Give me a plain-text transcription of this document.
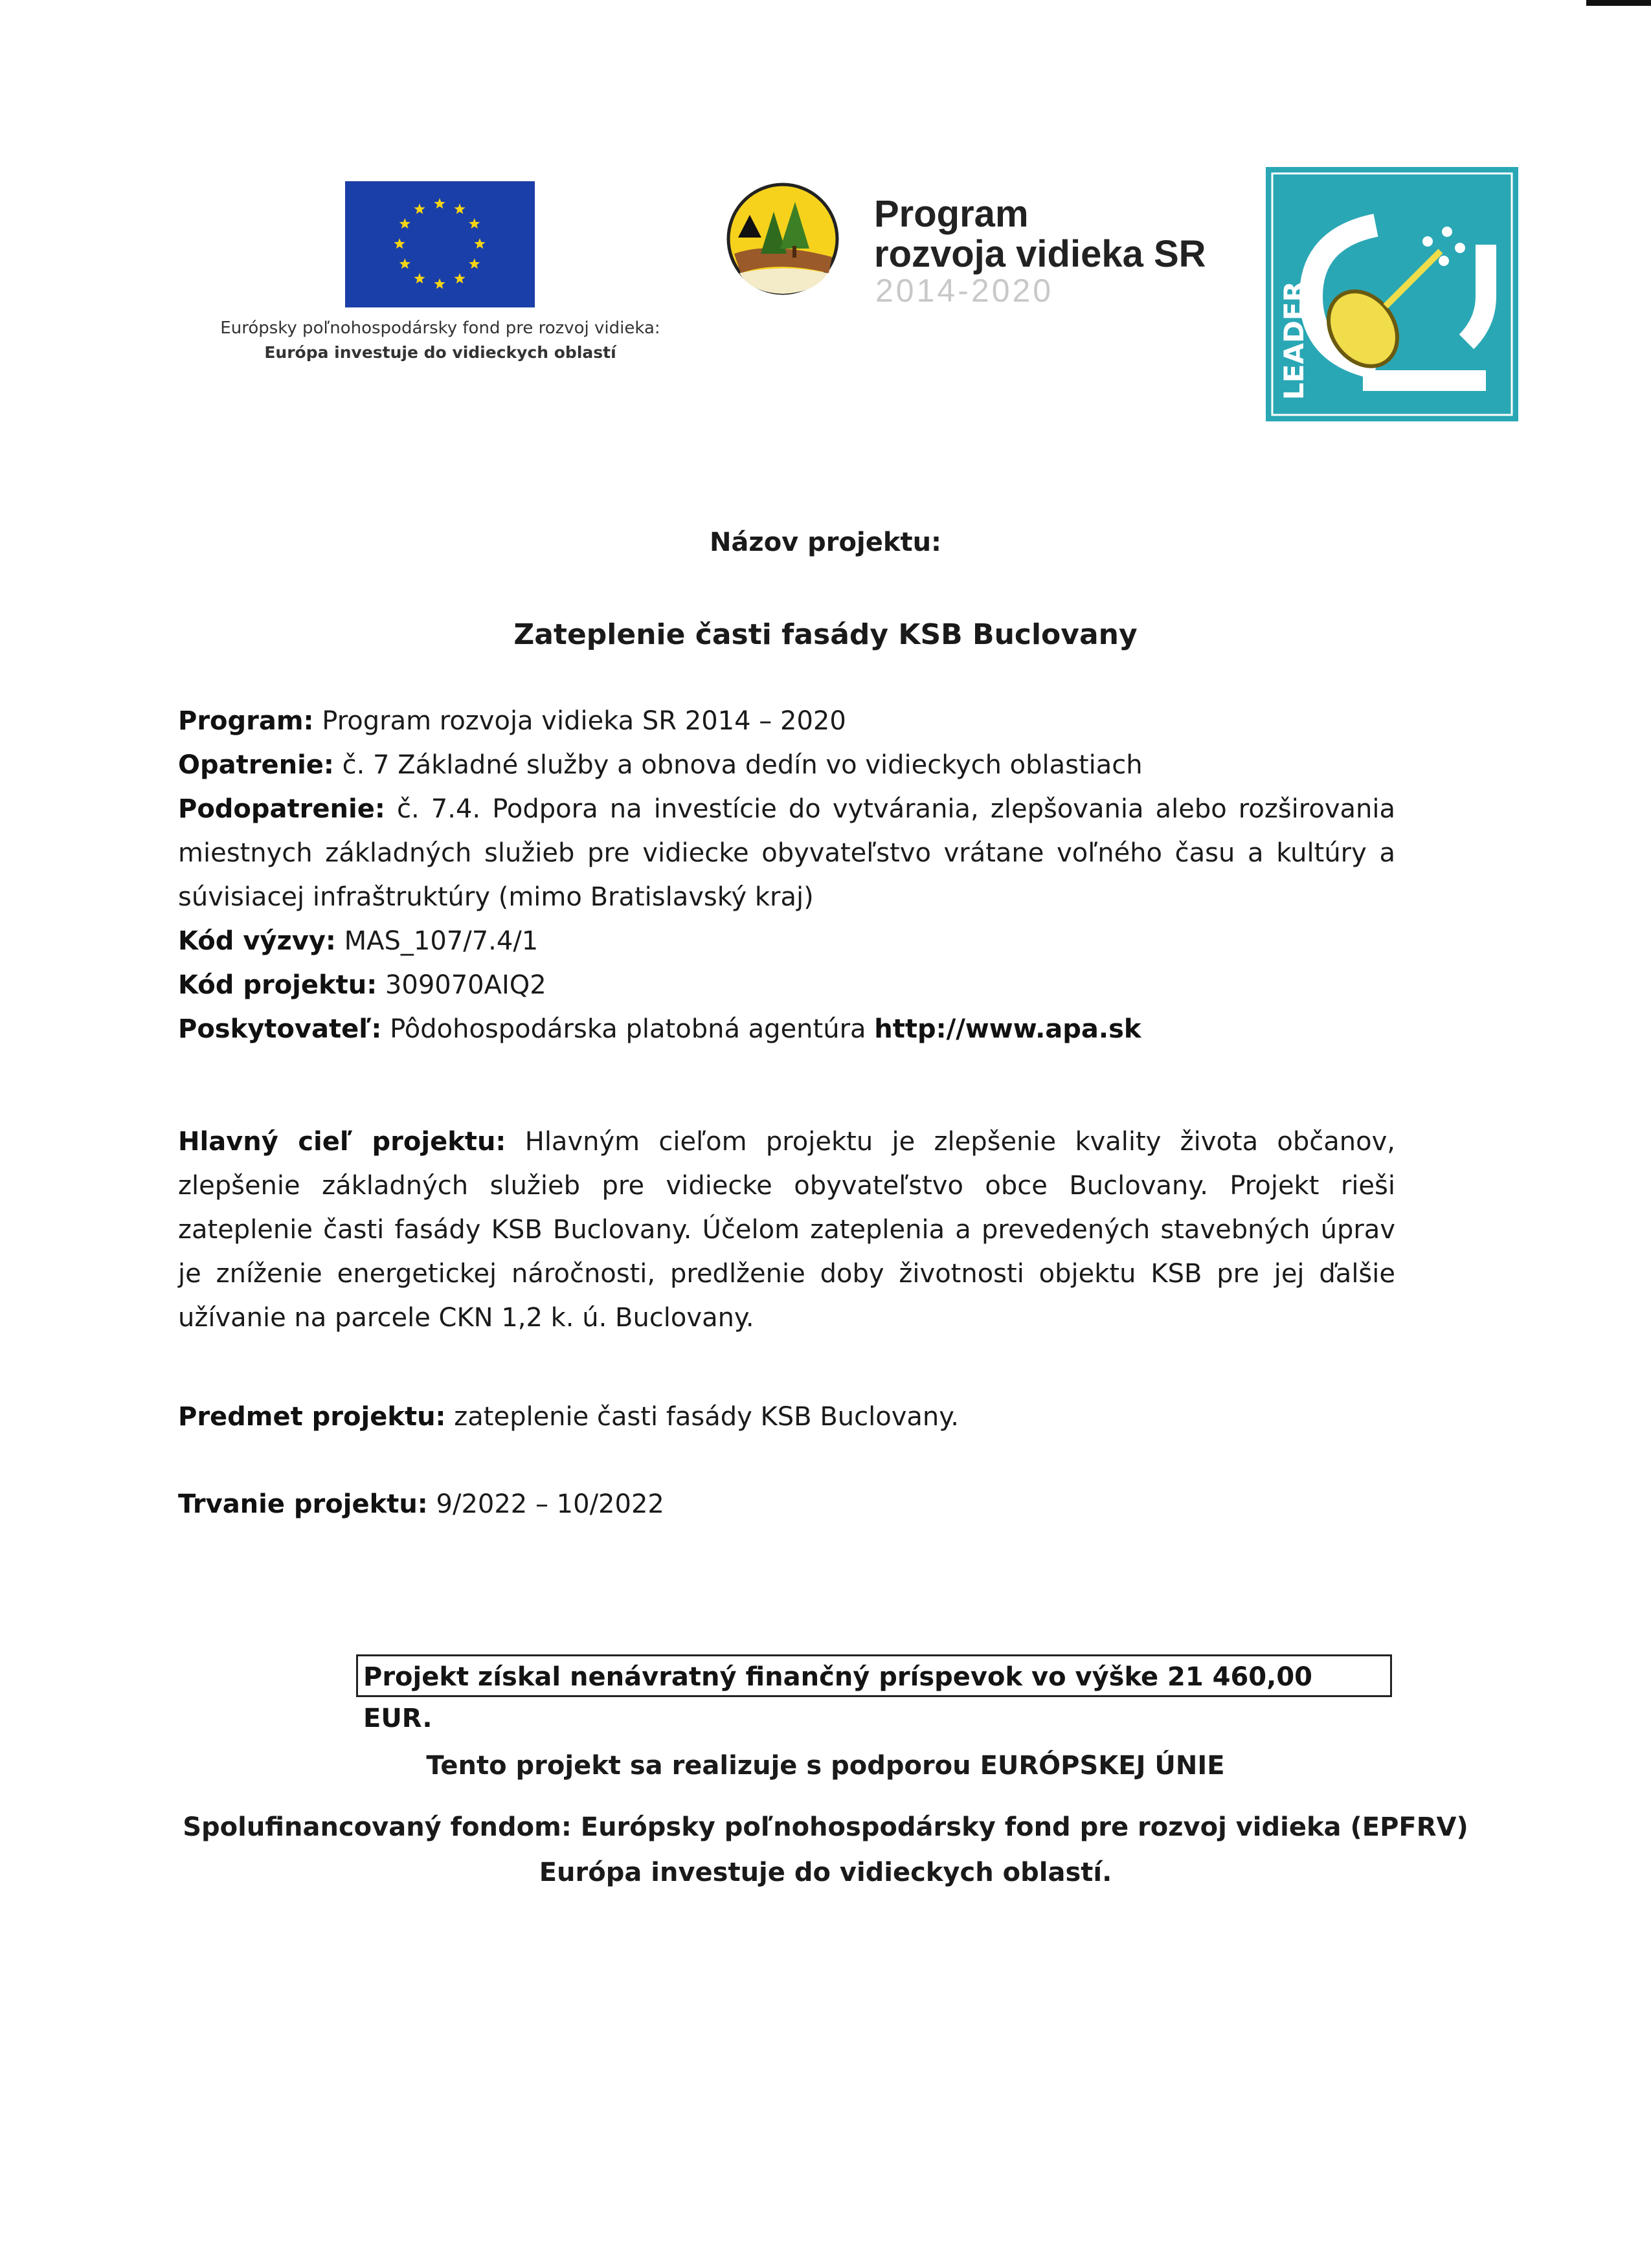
Európsky poľnohospodársky fond pre rozvoj vidieka:
Európa investuje do vidieckych oblastí
Program
rozvoja vidieka SR
2014-2020	LEADER
Názov projektu:
Zateplenie časti fasády KSB Buclovany
Program: Program rozvoja vidieka SR 2014 – 2020
Opatrenie: č. 7 Základné služby a obnova dedín vo vidieckych oblastiach
Podopatrenie: č. 7.4. Podpora na investície do vytvárania, zlepšovania alebo rozširovania miestnych základných služieb pre vidiecke obyvateľstvo vrátane voľného času a kultúry a súvisiacej infraštruktúry (mimo Bratislavský kraj)
Kód výzvy: MAS_107/7.4/1
Kód projektu: 309070AIQ2
Poskytovateľ: Pôdohospodárska platobná agentúra http://www.apa.sk
Hlavný cieľ projektu: Hlavným cieľom projektu je zlepšenie kvality života občanov, zlepšenie základných služieb pre vidiecke obyvateľstvo obce Buclovany. Projekt rieši zateplenie časti fasády KSB Buclovany. Účelom zateplenia a prevedených stavebných úprav je zníženie energetickej náročnosti, predlženie doby životnosti objektu KSB pre jej ďalšie užívanie na parcele CKN 1,2 k. ú. Buclovany.
Predmet projektu: zateplenie časti fasády KSB Buclovany.
Trvanie projektu: 9/2022 – 10/2022
Projekt získal nenávratný finančný príspevok vo výške 21 460,00 EUR.
Tento projekt sa realizuje s podporou EURÓPSKEJ ÚNIE
Spolufinancovaný fondom: Európsky poľnohospodársky fond pre rozvoj vidieka (EPFRV)
Európa investuje do vidieckych oblastí.
